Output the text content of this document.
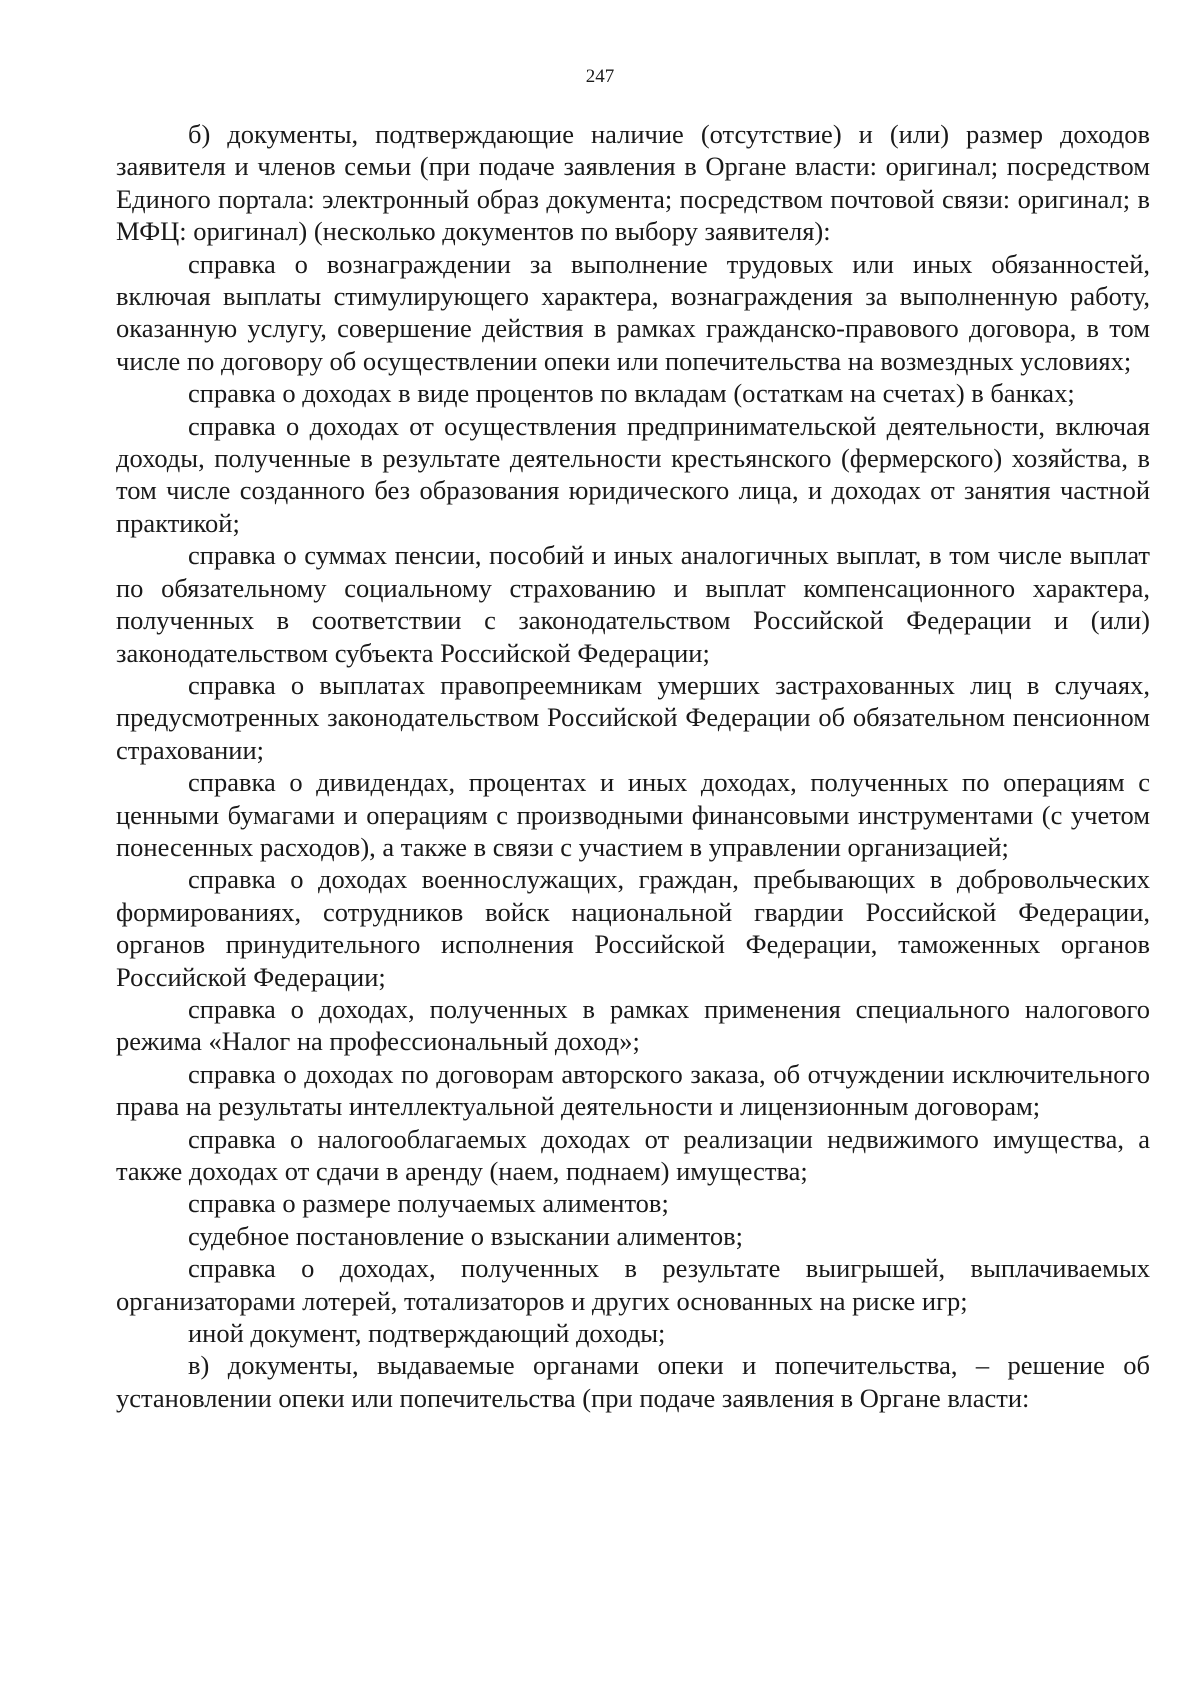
247

б) документы, подтверждающие наличие (отсутствие) и (или) размер доходов заявителя и членов семьи (при подаче заявления в Органе власти: оригинал; посредством Единого портала: электронный образ документа; посредством почтовой связи: оригинал; в МФЦ: оригинал) (несколько документов по выбору заявителя):

справка о вознаграждении за выполнение трудовых или иных обязанностей, включая выплаты стимулирующего характера, вознаграждения за выполненную работу, оказанную услугу, совершение действия в рамках гражданско-правового договора, в том числе по договору об осуществлении опеки или попечительства на возмездных условиях;

справка о доходах в виде процентов по вкладам (остаткам на счетах) в банках;

справка о доходах от осуществления предпринимательской деятельности, включая доходы, полученные в результате деятельности крестьянского (фермерского) хозяйства, в том числе созданного без образования юридического лица, и доходах от занятия частной практикой;

справка о суммах пенсии, пособий и иных аналогичных выплат, в том числе выплат по обязательному социальному страхованию и выплат компенсационного характера, полученных в соответствии с законодательством Российской Федерации и (или) законодательством субъекта Российской Федерации;

справка о выплатах правопреемникам умерших застрахованных лиц в случаях, предусмотренных законодательством Российской Федерации об обязательном пенсионном страховании;

справка о дивидендах, процентах и иных доходах, полученных по операциям с ценными бумагами и операциям с производными финансовыми инструментами (с учетом понесенных расходов), а также в связи с участием в управлении организацией;

справка о доходах военнослужащих, граждан, пребывающих в добровольческих формированиях, сотрудников войск национальной гвардии Российской Федерации, органов принудительного исполнения Российской Федерации, таможенных органов Российской Федерации;

справка о доходах, полученных в рамках применения специального налогового режима «Налог на профессиональный доход»;

справка о доходах по договорам авторского заказа, об отчуждении исключительного права на результаты интеллектуальной деятельности и лицензионным договорам;

справка о налогооблагаемых доходах от реализации недвижимого имущества, а также доходах от сдачи в аренду (наем, поднаем) имущества;

справка о размере получаемых алиментов;

судебное постановление о взыскании алиментов;

справка о доходах, полученных в результате выигрышей, выплачиваемых организаторами лотерей, тотализаторов и других основанных на риске игр;

иной документ, подтверждающий доходы;

в) документы, выдаваемые органами опеки и попечительства, – решение об установлении опеки или попечительства (при подаче заявления в Органе власти:
